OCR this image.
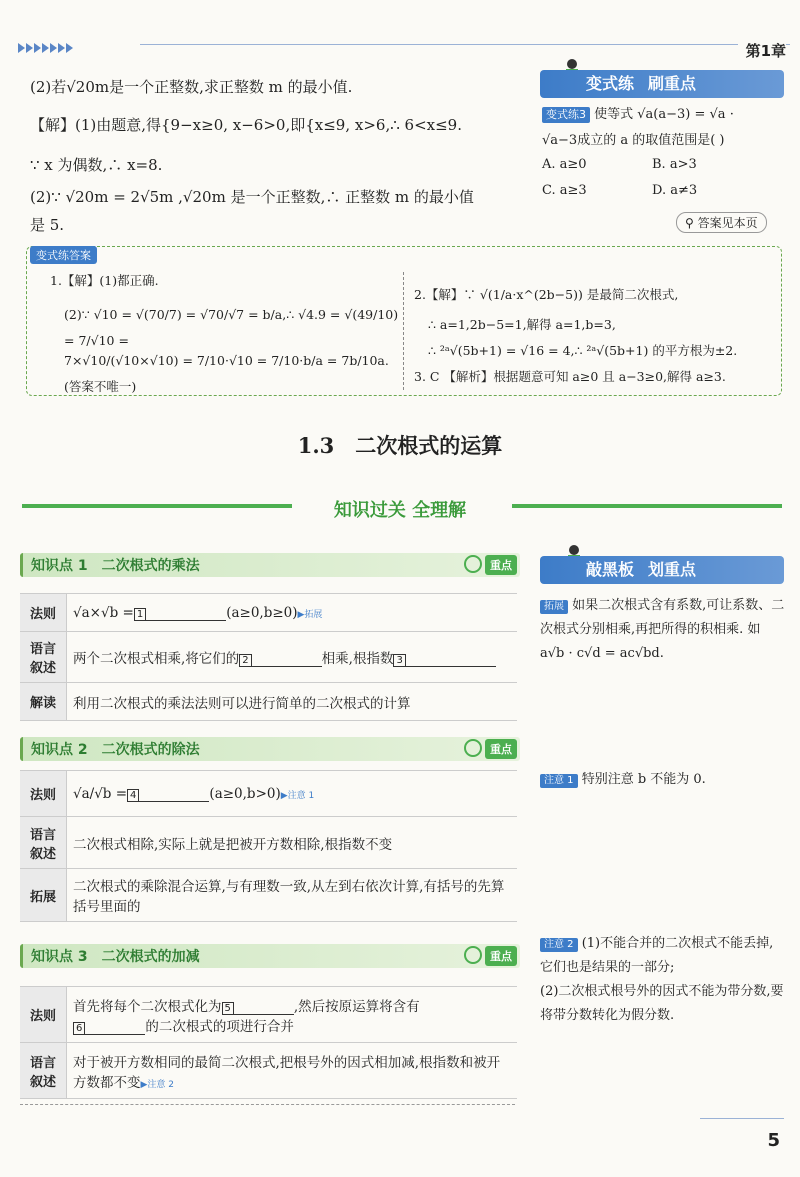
第1章
(2)若√20m是一个正整数,求正整数 m 的最小值.
【解】(1)由题意,得{9−x≥0, x−6>0,即{x≤9, x>6,∴ 6<x≤9.
∵ x 为偶数,∴ x=8.
(2)∵ √20m = 2√5m ,√20m 是一个正整数,∴ 正整数 m 的最小值
是 5.
变式练 刷重点
变式练3 使等式 √a(a−3) = √a ·
√a−3成立的 a 的取值范围是( )
A. a≥0	B. a>3
C. a≥3	D. a≠3
⚲ 答案见本页
变式练答案
1.【解】(1)都正确.
(2)∵ √10 = √(70/7) = √70/√7 = b/a,∴ √4.9 = √(49/10) = 7/√10 =
7×√10/(√10×√10) = 7/10·√10 = 7/10·b/a = 7b/10a.(答案不唯一)
2.【解】∵ √(1/a·x^(2b−5)) 是最简二次根式,
∴ a=1,2b−5=1,解得 a=1,b=3,
∴ ²ᵃ√(5b+1) = √16 = 4,∴ ²ᵃ√(5b+1) 的平方根为±2.
3. C 【解析】根据题意可知 a≥0 且 a−3≥0,解得 a≥3.
1.3　二次根式的运算
知识过关 全理解
知识点 1　二次根式的乘法	重点
法则	√a×√b = 1 (a≥0,b≥0)▶拓展
语言叙述	两个二次根式相乘,将它们的 2 相乘,根指数 3
解读	利用二次根式的乘法法则可以进行简单的二次根式的计算
知识点 2　二次根式的除法	重点
法则	√a/√b = 4 (a≥0,b>0)▶注意 1
语言叙述	二次根式相除,实际上就是把被开方数相除,根指数不变
拓展	二次根式的乘除混合运算,与有理数一致,从左到右依次计算,有括号的先算括号里面的
知识点 3　二次根式的加减	重点
法则	首先将每个二次根式化为 5 ,然后按原运算将含有
6 的二次根式的项进行合并
语言叙述	对于被开方数相同的最简二次根式,把根号外的因式相加减,根指数和被开方数都不变▶注意 2
敲黑板 划重点
拓展 如果二次根式含有系数,可让系数、二次根式分别相乘,再把所得的积相乘. 如 a√b · c√d = ac√bd.
注意 1 特别注意 b 不能为 0.
注意 2 (1)不能合并的二次根式不能丢掉,它们也是结果的一部分;
(2)二次根式根号外的因式不能为带分数,要将带分数转化为假分数.
5
